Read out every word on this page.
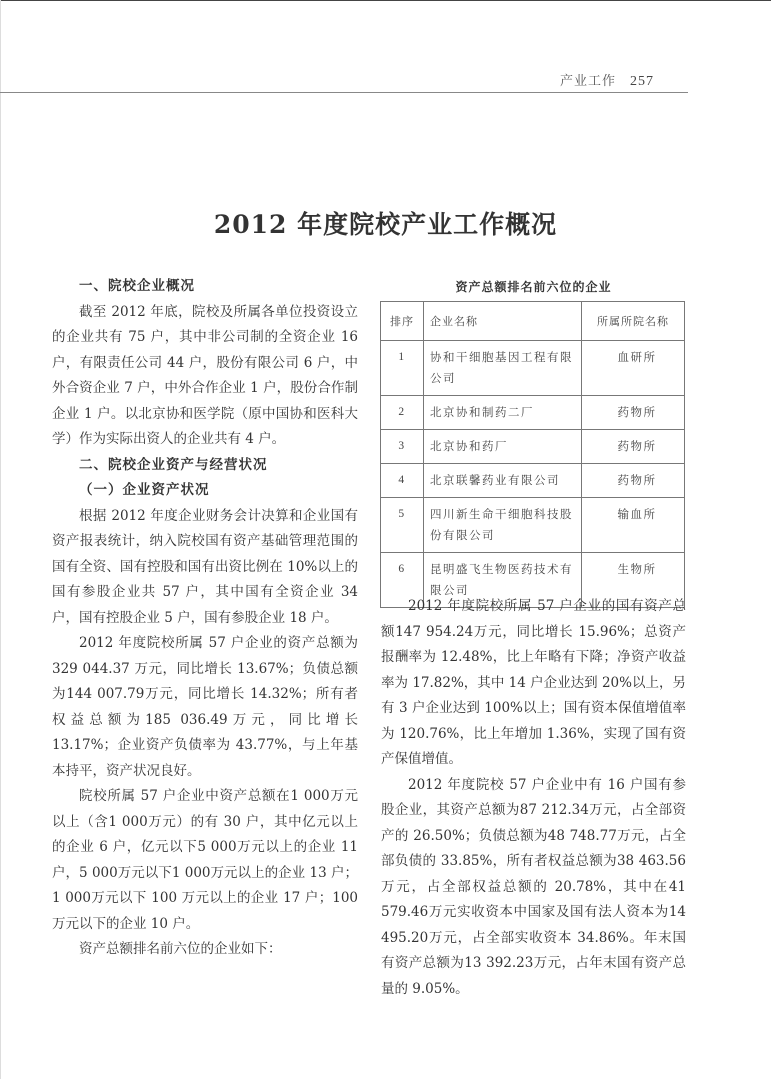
产业工作 257
2012 年度院校产业工作概况
一、院校企业概况

截至 2012 年底，院校及所属各单位投资设立的企业共有 75 户，其中非公司制的全资企业 16 户，有限责任公司 44 户，股份有限公司 6 户，中外合资企业 7 户，中外合作企业 1 户，股份合作制企业 1 户。以北京协和医学院（原中国协和医科大学）作为实际出资人的企业共有 4 户。

二、院校企业资产与经营状况
（一）企业资产状况

根据 2012 年度企业财务会计决算和企业国有资产报表统计，纳入院校国有资产基础管理范围的国有全资、国有控股和国有出资比例在 10%以上的国有参股企业共 57 户，其中国有全资企业 34 户，国有控股企业 5 户，国有参股企业 18 户。

2012 年度院校所属 57 户企业的资产总额为 329 044.37 万元，同比增长 13.67%；负债总额为144 007.79万元，同比增长 14.32%；所有者权益总额为185 036.49万元，同比增长 13.17%；企业资产负债率为 43.77%，与上年基本持平，资产状况良好。

院校所属 57 户企业中资产总额在1 000万元以上（含1 000万元）的有 30 户，其中亿元以上的企业 6 户，亿元以下5 000万元以上的企业 11 户，5 000万元以下1 000万元以上的企业 13 户；1 000万元以下 100 万元以上的企业 17 户；100 万元以下的企业 10 户。

资产总额排名前六位的企业如下：

资产总额排名前六位的企业
排序	企业名称	所属所院名称
1	协和干细胞基因工程有限公司	血研所
2	北京协和制药二厂	药物所
3	北京协和药厂	药物所
4	北京联馨药业有限公司	药物所
5	四川新生命干细胞科技股份有限公司	输血所
6	昆明盛飞生物医药技术有限公司	生物所

2012 年度院校所属 57 户企业的国有资产总额147 954.24万元，同比增长 15.96%；总资产报酬率为 12.48%，比上年略有下降；净资产收益率为 17.82%，其中 14 户企业达到 20%以上，另有 3 户企业达到 100%以上；国有资本保值增值率为 120.76%，比上年增加 1.36%，实现了国有资产保值增值。

2012 年度院校 57 户企业中有 16 户国有参股企业，其资产总额为87 212.34万元，占全部资产的 26.50%；负债总额为48 748.77万元，占全部负债的 33.85%，所有者权益总额为38 463.56万元，占全部权益总额的 20.78%，其中在41 579.46万元实收资本中国家及国有法人资本为14 495.20万元，占全部实收资本 34.86%。年末国有资产总额为13 392.23万元，占年末国有资产总量的 9.05%。
